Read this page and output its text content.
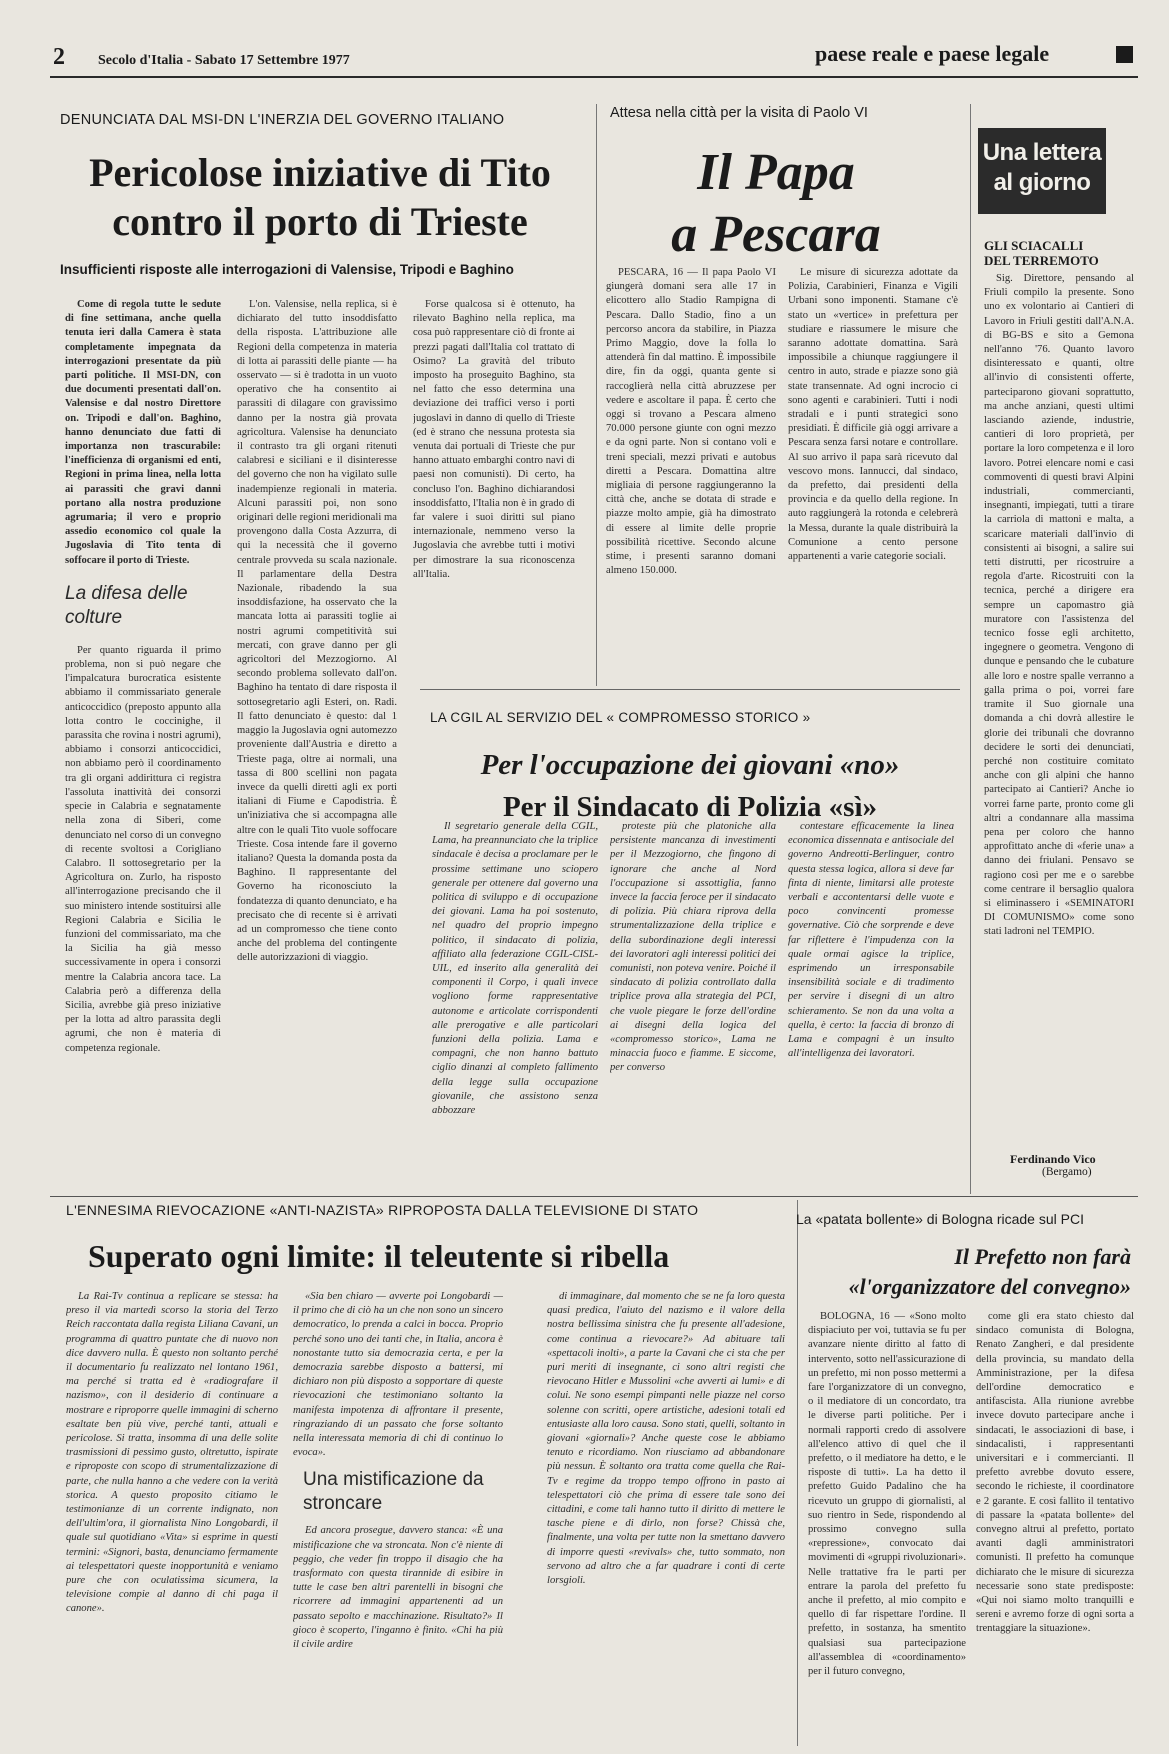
2 Secolo d'Italia - Sabato 17 Settembre 1977	paese reale e paese legale
DENUNCIATA DAL MSI-DN L'INERZIA DEL GOVERNO ITALIANO
Pericolose iniziative di Tito
contro il porto di Trieste
Insufficienti risposte alle interrogazioni di Valensise, Tripodi e Baghino

Come di regola tutte le sedute di fine settimana, anche quella tenuta ieri dalla Camera è stata completamente impegnata da interrogazioni presentate da più parti politiche. Il MSI-DN, con due documenti presentati dall'on. Valensise e dal nostro Direttore on. Tripodi e dall'on. Baghino, hanno denunciato due fatti di importanza non trascurabile: l'inefficienza di organismi ed enti, Regioni in prima linea, nella lotta ai parassiti che gravi danni portano alla nostra produzione agrumaria; il vero e proprio assedio economico col quale la Jugoslavia di Tito tenta di soffocare il porto di Trieste.

La difesa delle colture

Per quanto riguarda il primo problema, non si può negare che l'impalcatura burocratica esistente abbiamo il commissariato generale anticoccidico (preposto appunto alla lotta contro le coccinighe, il parassita che rovina i nostri agrumi), abbiamo i consorzi anticoccidici, non abbiamo però il coordinamento tra gli organi addirittura ci registra l'assoluta inattività dei consorzi specie in Calabria e segnatamente nella zona di Siberi, come denunciato nel corso di un convegno di recente svoltosi a Corigliano Calabro. Il sottosegretario per la Agricoltura on. Zurlo, ha risposto all'interrogazione precisando che il suo ministero intende sostituirsi alle Regioni Calabria e Sicilia le funzioni del commissariato, ma che la Sicilia ha già messo successivamente in opera i consorzi mentre la Calabria ancora tace. La Calabria però a differenza della Sicilia, avrebbe già preso iniziative per la lotta ad altro parassita degli agrumi, che non è materia di competenza regionale.

L'on. Valensise, nella replica, si è dichiarato del tutto insoddisfatto della risposta. L'attribuzione alle Regioni della competenza in materia di lotta ai parassiti delle piante — ha osservato — si è tradotta in un vuoto operativo che ha consentito ai parassiti di dilagare con gravissimo danno per la nostra già provata agricoltura. Valensise ha denunciato il contrasto tra gli organi ritenuti calabresi e siciliani e il disinteresse del governo che non ha vigilato sulle inadempienze regionali in materia. Alcuni parassiti poi, non sono originari delle regioni meridionali ma provengono dalla Costa Azzurra, di qui la necessità che il governo centrale provveda su scala nazionale. Il parlamentare della Destra Nazionale, ribadendo la sua insoddisfazione, ha osservato che la mancata lotta ai parassiti toglie ai nostri agrumi competitività sui mercati, con grave danno per gli agricoltori del Mezzogiorno. Al secondo problema sollevato dall'on. Baghino ha tentato di dare risposta il sottosegretario agli Esteri, on. Radi. Il fatto denunciato è questo: dal 1 maggio la Jugoslavia ogni automezzo proveniente dall'Austria e diretto a Trieste paga, oltre ai normali, una tassa di 800 scellini non pagata invece da quelli diretti agli ex porti italiani di Fiume e Capodistria. È un'iniziativa che si accompagna alle altre con le quali Tito vuole soffocare Trieste. Cosa intende fare il governo italiano? Questa la domanda posta da Baghino. Il rappresentante del Governo ha riconosciuto la fondatezza di quanto denunciato, e ha precisato che di recente si è arrivati ad un compromesso che tiene conto anche del problema del contingente delle autorizzazioni di viaggio.

Forse qualcosa si è ottenuto, ha rilevato Baghino nella replica, ma cosa può rappresentare ciò di fronte ai prezzi pagati dall'Italia col trattato di Osimo? La gravità del tributo imposto ha proseguito Baghino, sta nel fatto che esso determina una deviazione dei traffici verso i porti jugoslavi in danno di quello di Trieste (ed è strano che nessuna protesta sia venuta dai portuali di Trieste che pur hanno attuato embarghi contro navi di paesi non comunisti). Di certo, ha concluso l'on. Baghino dichiarandosi insoddisfatto, l'Italia non è in grado di far valere i suoi diritti sul piano internazionale, nemmeno verso la Jugoslavia che avrebbe tutti i motivi per dimostrare la sua riconoscenza all'Italia.

Attesa nella città per la visita di Paolo VI
Il Papa
a Pescara

PESCARA, 16 — Il papa Paolo VI giungerà domani sera alle 17 in elicottero allo Stadio Rampigna di Pescara. Dallo Stadio, fino a un percorso ancora da stabilire, in Piazza Primo Maggio, dove la folla lo attenderà fin dal mattino. È impossibile dire, fin da oggi, quanta gente si raccoglierà nella città abruzzese per vedere e ascoltare il papa. È certo che oggi si trovano a Pescara almeno 70.000 persone giunte con ogni mezzo e da ogni parte. Non si contano voli e treni speciali, mezzi privati e autobus diretti a Pescara. Domattina altre migliaia di persone raggiungeranno la città che, anche se dotata di strade e piazze molto ampie, già ha dimostrato di essere al limite delle proprie possibilità ricettive. Secondo alcune stime, i presenti saranno domani almeno 150.000.

Le misure di sicurezza adottate da Polizia, Carabinieri, Finanza e Vigili Urbani sono imponenti. Stamane c'è stato un «vertice» in prefettura per studiare e riassumere le misure che saranno adottate domattina. Sarà impossibile a chiunque raggiungere il centro in auto, strade e piazze sono già state transennate. Ad ogni incrocio ci sono agenti e carabinieri. Tutti i nodi stradali e i punti strategici sono presidiati. È difficile già oggi arrivare a Pescara senza farsi notare e controllare. Al suo arrivo il papa sarà ricevuto dal vescovo mons. Iannucci, dal sindaco, da prefetto, dai presidenti della provincia e da quello della regione. In auto raggiungerà la rotonda e celebrerà la Messa, durante la quale distribuirà la Comunione a cento persone appartenenti a varie categorie sociali.

LA CGIL AL SERVIZIO DEL « COMPROMESSO STORICO »
Per l'occupazione dei giovani «no»
Per il Sindacato di Polizia «sì»

Il segretario generale della CGIL, Lama, ha preannunciato che la triplice sindacale è decisa a proclamare per le prossime settimane uno sciopero generale per ottenere dal governo una politica di sviluppo e di occupazione dei giovani. Lama ha poi sostenuto, nel quadro del proprio impegno politico, il sindacato di polizia, affiliato alla federazione CGIL-CISL-UIL, ed inserito alla generalità dei componenti il Corpo, i quali invece vogliono forme rappresentative autonome e articolate corrispondenti alle prerogative e alle particolari funzioni della polizia. Lama e compagni, che non hanno battuto ciglio dinanzi al completo fallimento della legge sulla occupazione giovanile, che assistono senza abbozzare

proteste più che platoniche alla persistente mancanza di investimenti per il Mezzogiorno, che fingono di ignorare che anche al Nord l'occupazione si assottiglia, fanno invece la faccia feroce per il sindacato di polizia. Più chiara riprova della strumentalizzazione della triplice e della subordinazione degli interessi dei lavoratori agli interessi politici dei comunisti, non poteva venire. Poiché il sindacato di polizia controllato dalla triplice prova alla strategia del PCI, che vuole piegare le forze dell'ordine ai disegni della logica del «compromesso storico», Lama ne minaccia fuoco e fiamme. E siccome, per converso

contestare efficacemente la linea economica dissennata e antisociale del governo Andreotti-Berlinguer, contro questa stessa logica, allora si deve far finta di niente, limitarsi alle proteste verbali e accontentarsi delle vuote e poco convincenti promesse governative. Ciò che sorprende e deve far riflettere è l'impudenza con la quale ormai agisce la triplice, esprimendo un irresponsabile insensibilità sociale e di tradimento per servire i disegni di un altro schieramento. Se non da una volta a quella, è certo: la faccia di bronzo di Lama e compagni è un insulto all'intelligenza dei lavoratori.

Una lettera
al giorno
GLI SCIACALLI
DEL TERREMOTO

Sig. Direttore, pensando al Friuli compilo la presente. Sono uno ex volontario ai Cantieri di Lavoro in Friuli gestiti dall'A.N.A. di BG-BS e sito a Gemona nell'anno '76. Quanto lavoro disinteressato e quanti, oltre all'invio di consistenti offerte, parteciparono giovani soprattutto, ma anche anziani, questi ultimi lasciando aziende, industrie, cantieri di loro proprietà, per portare la loro competenza e il loro lavoro. Potrei elencare nomi e casi commoventi di questi bravi Alpini industriali, commercianti, insegnanti, impiegati, tutti a tirare la carriola di mattoni e malta, a scaricare materiali dall'invio di consistenti ai bisogni, a salire sui tetti distrutti, per ricostruire a regola d'arte. Ricostruiti con la tecnica, perché a dirigere era sempre un capomastro già muratore con l'assistenza del tecnico fosse egli architetto, ingegnere o geometra. Vengono di dunque e pensando che le cubature alle loro e nostre spalle verranno a galla prima o poi, vorrei fare tramite il Suo giornale una domanda a chi dovrà allestire le glorie dei tribunali che dovranno decidere le sorti dei denunciati, perché non costituire comitato anche con gli alpini che hanno partecipato ai Cantieri? Anche io vorrei farne parte, pronto come gli altri a condannare alla massima pena per coloro che hanno approfittato anche di «ferie una» a danno dei friulani. Pensavo se ragiono così per me e o sarebbe come centrare il bersaglio qualora si eliminassero i «SEMINATORI DI COMUNISMO» come sono stati ladroni nel TEMPIO.

Ferdinando Vico
(Bergamo)
L'ENNESIMA RIEVOCAZIONE «ANTI-NAZISTA» RIPROPOSTA DALLA TELEVISIONE DI STATO
Superato ogni limite: il teleutente si ribella

La Rai-Tv continua a replicare se stessa: ha preso il via martedì scorso la storia del Terzo Reich raccontata dalla regista Liliana Cavani, un programma di quattro puntate che di nuovo non dice davvero nulla. È questo non soltanto perché il documentario fu realizzato nel lontano 1961, ma perché si tratta ed è «radiografare il nazismo», con il desiderio di continuare a mostrare e riproporre quelle immagini di scherno esaltate ben più vive, perché tanti, attuali e pericolose. Si tratta, insomma di una delle solite trasmissioni di pessimo gusto, oltretutto, ispirate e riproposte con scopo di strumentalizzazione di parte, che nulla hanno a che vedere con la verità storica. A questo proposito citiamo le testimonianze di un corrente indignato, non dell'ultim'ora, il giornalista Nino Longobardi, il quale sul quotidiano «Vita» si esprime in questi termini: «Signori, basta, denunciamo fermamente ai telespettatori queste inopportunità e veniamo pure che con oculatissima sicumera, la televisione compie al danno di chi paga il canone».

«Sia ben chiaro — avverte poi Longobardi — il primo che di ciò ha un che non sono un sincero democratico, lo prenda a calci in bocca. Proprio perché sono uno dei tanti che, in Italia, ancora è nonostante tutto sia democrazia certa, e per la democrazia sarebbe disposto a battersi, mi dichiaro non più disposto a sopportare di queste rievocazioni che testimoniano soltanto la manifesta impotenza di affrontare il presente, ringraziando di un passato che forse soltanto nella interessata memoria di chi di continuo lo evoca».

Una mistificazione da stroncare

Ed ancora prosegue, davvero stanca: «È una mistificazione che va stroncata. Non c'è niente di peggio, che veder fin troppo il disagio che ha trasformato con questa tirannide di esibire in tutte le case ben altri parentelli in bisogni che ricorrere ad immagini appartenenti ad un passato sepolto e macchinazione. Risultato?» Il gioco è scoperto, l'inganno è finito. «Chi ha più il civile ardire

di immaginare, dal momento che se ne fa loro questa quasi predica, l'aiuto del nazismo e il valore della nostra bellissima sinistra che fu presente all'adesione, come continua a rievocare?» Ad abituare tali «spettacoli inolti», a parte la Cavani che ci sta che per puri meriti di insegnante, ci sono altri registi che rievocano Hitler e Mussolini «che avverti ai lumi» e di colui. Ne sono esempi pimpanti nelle piazze nel corso solenne con scritti, opere artistiche, adesioni totali ed entusiaste alla loro causa. Sono stati, quelli, soltanto in giovani «giornali»? Anche queste cose le abbiamo tenuto e ricordiamo. Non riusciamo ad abbandonare più nessun. È soltanto ora tratta come quella che Rai-Tv e regime da troppo tempo offrono in pasto ai telespettatori ciò che prima di essere tale sono dei cittadini, e come tali hanno tutto il diritto di mettere le tasche piene e di dirlo, non forse? Chissà che, finalmente, una volta per tutte non la smettano davvero di imporre questi «revivals» che, tutto sommato, non servono ad altro che a far quadrare i conti di certe lorsgioli.

La «patata bollente» di Bologna ricade sul PCI
Il Prefetto non farà
«l'organizzatore del convegno»

BOLOGNA, 16 — «Sono molto dispiaciuto per voi, tuttavia se fu per avanzare niente diritto al fatto di intervento, sotto nell'assicurazione di un prefetto, mi non posso mettermi a fare l'organizzatore di un convegno, o il mediatore di un concordato, tra le diverse parti politiche. Per i normali rapporti credo di assolvere all'elenco attivo di quel che il prefetto, o il mediatore ha detto, e le risposte di tutti». La ha detto il prefetto Guido Padalino che ha ricevuto un gruppo di giornalisti, al suo rientro in Sede, rispondendo al prossimo convegno sulla «repressione», convocato dai movimenti di «gruppi rivoluzionari». Nelle trattative fra le parti per entrare la parola del prefetto fu anche il prefetto, al mio compito e quello di far rispettare l'ordine. Il prefetto, in sostanza, ha smentito qualsiasi sua partecipazione all'assemblea di «coordinamento» per il futuro convegno,

come gli era stato chiesto dal sindaco comunista di Bologna, Renato Zangheri, e dal presidente della provincia, su mandato della Amministrazione, per la difesa dell'ordine democratico e antifascista. Alla riunione avrebbe invece dovuto partecipare anche i sindacati, le associazioni di base, i sindacalisti, i rappresentanti universitari e i commercianti. Il prefetto avrebbe dovuto essere, secondo le richieste, il coordinatore e 2 garante. E così fallito il tentativo di passare la «patata bollente» del convegno altrui al prefetto, portato avanti dagli amministratori comunisti. Il prefetto ha comunque dichiarato che le misure di sicurezza necessarie sono state predisposte: «Qui noi siamo molto tranquilli e sereni e avremo forze di ogni sorta a trentaggiare la situazione».
